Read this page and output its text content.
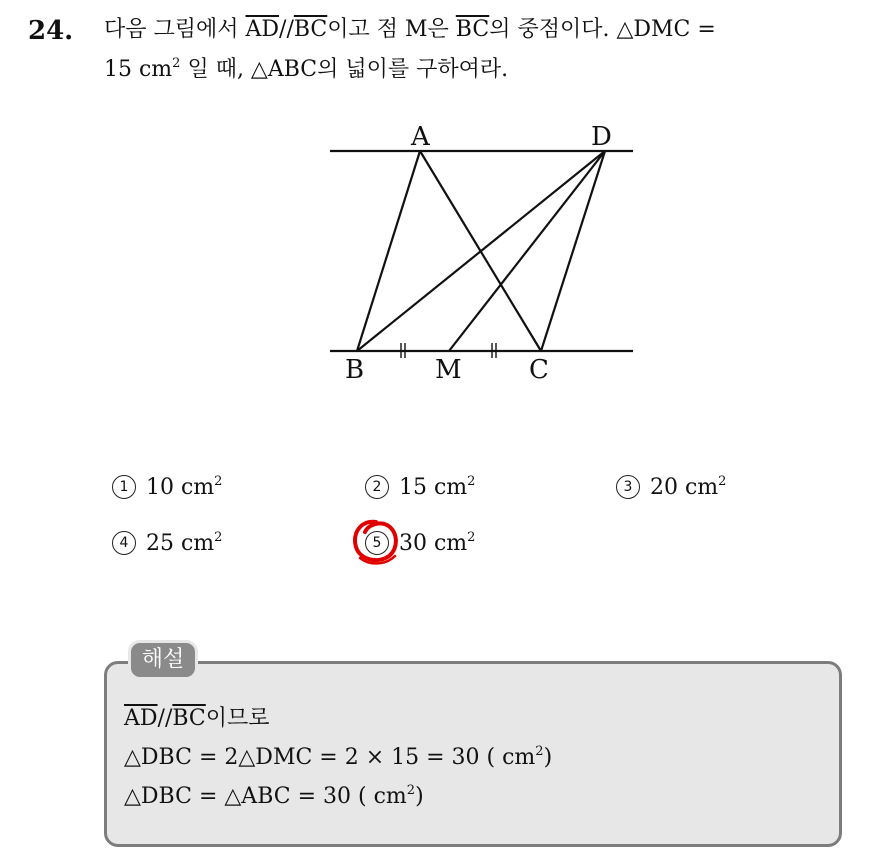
24. 다음 그림에서 $\overline{AD}//\overline{BC}$이고 점 M은 $\overline{BC}$의 중점이다. △DMC =
15 $cm^2$ 일 때, △ABC의 넓이를 구하여라.
A	D
B	M	C
1 10 $cm^2$	2 15 $cm^2$	3 20 $cm^2$
4 25 $cm^2$	5 30 $cm^2$
해설
$\overline{AD}//\overline{BC}$이므로
△DBC = 2△DMC = 2 × 15 = 30 ( $cm^2$)
△DBC = △ABC = 30 ( $cm^2$)
